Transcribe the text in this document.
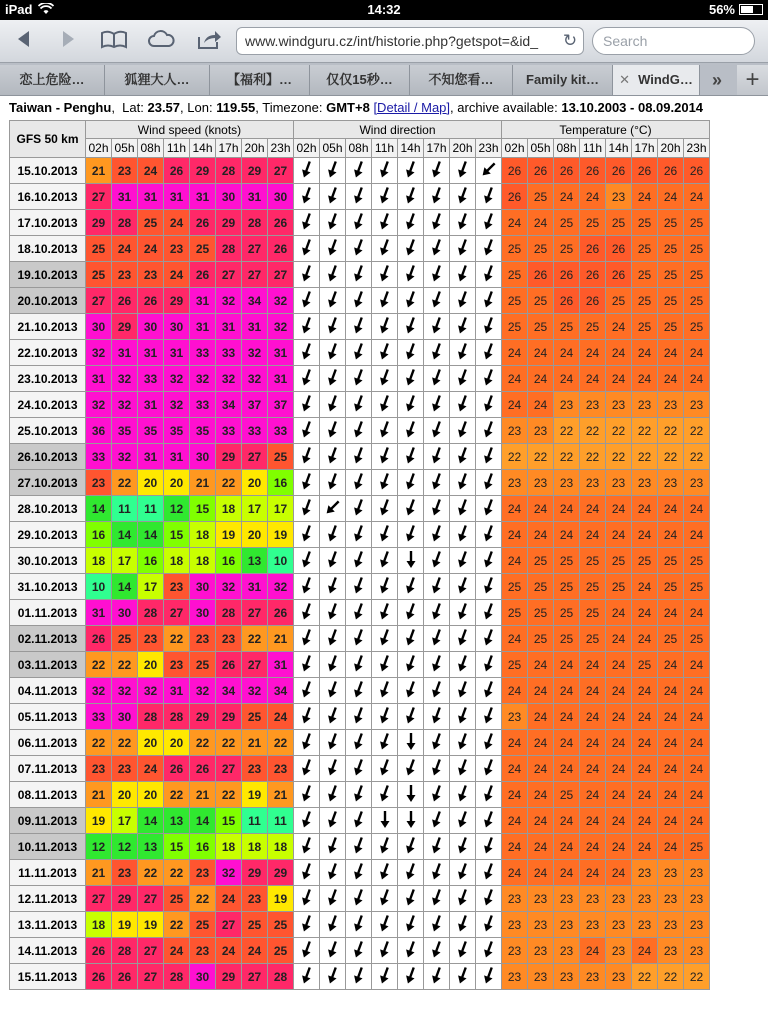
iPad	14:32	56%
www.windguru.cz/int/historie.php?getspot=&id_	↻	Search
恋上危险…	狐狸大人…	【福利】…	仅仅15秒…	不知您看…	Family kit…	✕ WindG…	» +
Taiwan - Penghu,  Lat: 23.57, Lon: 119.55, Timezone: GMT+8 [Detail / Map], archive available: 13.10.2003 - 08.09.2014
GFS 50 km	Wind speed (knots)								Wind direction								Temperature (°C)							
	02h	05h	08h	11h	14h	17h	20h	23h	02h	05h	08h	11h	14h	17h	20h	23h	02h	05h	08h	11h	14h	17h	20h	23h
15.10.2013	21	23	24	26	29	28	29	27									26	26	26	26	26	26	26	26
16.10.2013	27	31	31	31	31	30	31	30									26	25	24	24	23	24	24	24
17.10.2013	29	28	25	24	26	29	28	26									24	24	25	25	25	25	25	25
18.10.2013	25	24	24	23	25	28	27	26									25	25	25	26	26	25	25	25
19.10.2013	25	23	23	24	26	27	27	27									25	26	26	26	26	25	25	25
20.10.2013	27	26	26	29	31	32	34	32									25	25	26	26	25	25	25	25
21.10.2013	30	29	30	30	31	31	31	32									25	25	25	25	24	25	25	25
22.10.2013	32	31	31	31	33	33	32	31									24	24	24	24	24	24	24	24
23.10.2013	31	32	33	32	32	32	32	31									24	24	24	24	24	24	24	24
24.10.2013	32	32	31	32	33	34	37	37									24	24	23	23	23	23	23	23
25.10.2013	36	35	35	35	35	33	33	33									23	23	22	22	22	22	22	22
26.10.2013	33	32	31	31	30	29	27	25									22	22	22	22	22	22	22	22
27.10.2013	23	22	20	20	21	22	20	16									23	23	23	23	23	23	23	23
28.10.2013	14	11	11	12	15	18	17	17									24	24	24	24	24	24	24	24
29.10.2013	16	14	14	15	18	19	20	19									24	24	24	24	24	24	24	24
30.10.2013	18	17	16	18	18	16	13	10									24	25	25	25	25	25	25	25
31.10.2013	10	14	17	23	30	32	31	32									25	25	25	25	25	24	25	25
01.11.2013	31	30	28	27	30	28	27	26									25	25	25	25	24	24	24	24
02.11.2013	26	25	23	22	23	23	22	21									24	25	25	25	24	24	25	25
03.11.2013	22	22	20	23	25	26	27	31									25	24	24	24	24	25	24	24
04.11.2013	32	32	32	31	32	34	32	34									24	24	24	24	24	24	24	24
05.11.2013	33	30	28	28	29	29	25	24									23	24	24	24	24	24	24	24
06.11.2013	22	22	20	20	22	22	21	22									24	24	24	24	24	24	24	24
07.11.2013	23	23	24	26	26	27	23	23									24	24	24	24	24	24	24	24
08.11.2013	21	20	20	22	21	22	19	21									24	24	25	24	24	24	24	24
09.11.2013	19	17	14	13	14	15	11	11									24	24	24	24	24	24	24	24
10.11.2013	12	12	13	15	16	18	18	18									24	24	24	24	24	24	24	25
11.11.2013	21	23	22	22	23	32	29	29									24	24	24	24	24	23	23	23
12.11.2013	27	29	27	25	22	24	23	19									23	23	23	23	23	23	23	23
13.11.2013	18	19	19	22	25	27	25	25									23	23	23	23	23	23	23	23
14.11.2013	26	28	27	24	23	24	24	25									23	23	23	24	23	24	23	23
15.11.2013	26	26	27	28	30	29	27	28									23	23	23	23	23	22	22	22
